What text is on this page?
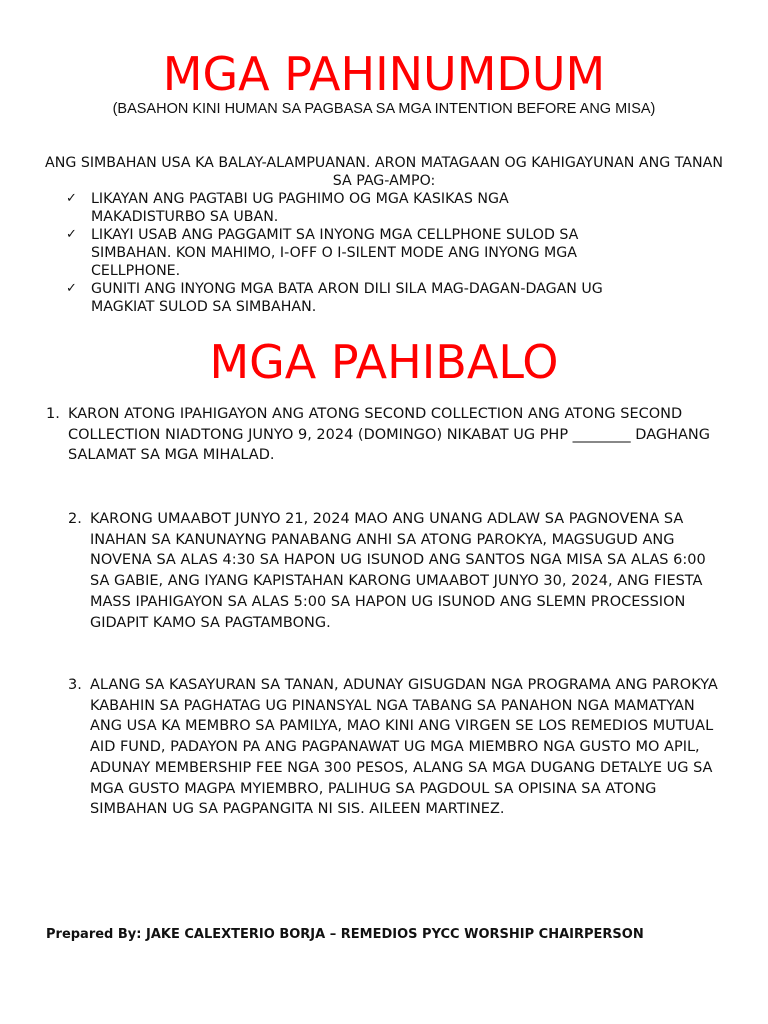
MGA PAHINUMDUM
(BASAHON KINI HUMAN SA PAGBASA SA MGA INTENTION BEFORE ANG MISA)
ANG SIMBAHAN USA KA BALAY-ALAMPUANAN. ARON MATAGAAN OG KAHIGAYUNAN ANG TANAN SA PAG-AMPO:
✓ LIKAYAN ANG PAGTABI UG PAGHIMO OG MGA KASIKAS NGA MAKADISTURBO SA UBAN.
✓ LIKAYI USAB ANG PAGGAMIT SA INYONG MGA CELLPHONE SULOD SA SIMBAHAN. KON MAHIMO, I-OFF O I-SILENT MODE ANG INYONG MGA CELLPHONE.
✓ GUNITI ANG INYONG MGA BATA ARON DILI SILA MAG-DAGAN-DAGAN UG MAGKIAT SULOD SA SIMBAHAN.
MGA PAHIBALO
1. KARON ATONG IPAHIGAYON ANG ATONG SECOND COLLECTION ANG ATONG SECOND COLLECTION NIADTONG JUNYO 9, 2024 (DOMINGO) NIKABAT UG PHP ________ DAGHANG SALAMAT SA MGA MIHALAD.
2. KARONG UMAABOT JUNYO 21, 2024 MAO ANG UNANG ADLAW SA PAGNOVENA SA INAHAN SA KANUNAYNG PANABANG ANHI SA ATONG PAROKYA, MAGSUGUD ANG NOVENA SA ALAS 4:30 SA HAPON UG ISUNOD ANG SANTOS NGA MISA SA ALAS 6:00 SA GABIE, ANG IYANG KAPISTAHAN KARONG UMAABOT JUNYO 30, 2024, ANG FIESTA MASS IPAHIGAYON SA ALAS 5:00 SA HAPON UG ISUNOD ANG SLEMN PROCESSION GIDAPIT KAMO SA PAGTAMBONG.
3. ALANG SA KASAYURAN SA TANAN, ADUNAY GISUGDAN NGA PROGRAMA ANG PAROKYA KABAHIN SA PAGHATAG UG PINANSYAL NGA TABANG SA PANAHON NGA MAMATYAN ANG USA KA MEMBRO SA PAMILYA, MAO KINI ANG VIRGEN SE LOS REMEDIOS MUTUAL AID FUND, PADAYON PA ANG PAGPANAWAT UG MGA MIEMBRO NGA GUSTO MO APIL, ADUNAY MEMBERSHIP FEE NGA 300 PESOS, ALANG SA MGA DUGANG DETALYE UG SA MGA GUSTO MAGPA MYIEMBRO, PALIHUG SA PAGDOUL SA OPISINA SA ATONG SIMBAHAN UG SA PAGPANGITA NI SIS. AILEEN MARTINEZ.
Prepared By: JAKE CALEXTERIO BORJA – REMEDIOS PYCC WORSHIP CHAIRPERSON
